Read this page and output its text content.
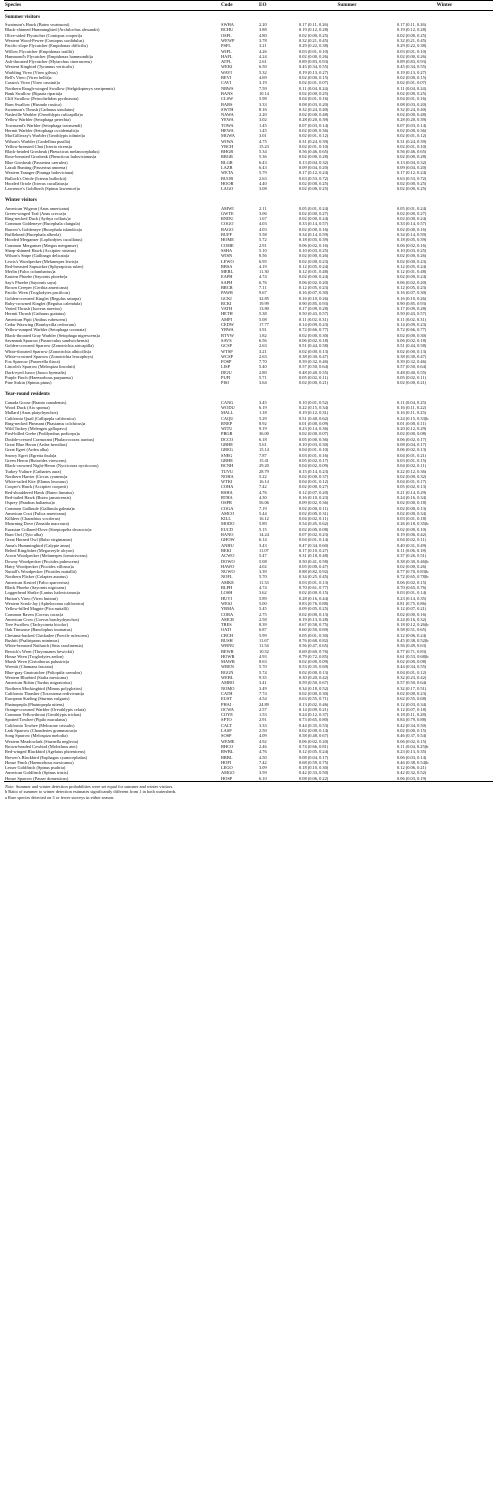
Species	Code	EO	Summer	Winter
Summer visitors				
Swainson's Hawk (Buteo swainsoni)	SWHA	2.20	0.17 (0.11, 0.26)	0.17 (0.11, 0.26)
Black-chinned Hummingbird (Archilochus alexandri)	BCHU	3.88	0.19 (0.12, 0.28)	0.19 (0.12, 0.28)
Olive-sided Flycatcher (Contopus cooperi)a	OSFL	4.80	0.02 (0.00, 0.25)	0.02 (0.00, 0.25)
Western Wood-Pewee (Contopus sordidulus)	WEWP	3.78	0.32 (0.21, 0.45)	0.32 (0.21, 0.45)
Pacific-slope Flycatcher (Empidonax difficilis)	PSFL	3.21	0.29 (0.22, 0.38)	0.29 (0.22, 0.38)
Willow Flycatcher (Empidonax traillii)	WIFL	4.26	0.03 (0.01, 0.10)	0.03 (0.01, 0.10)
Hammond's Flycatcher (Empidonax hammondii)a	HAFL	4.24	0.02 (0.00, 0.26)	0.02 (0.00, 0.26)
Ash-throated Flycatcher (Myiarchus cinerascens)	ATFL	2.61	0.89 (0.83, 0.93)	0.89 (0.83, 0.93)
Western Kingbird (Tyrannus verticalis)	WEKI	6.50	0.45 (0.34, 0.55)	0.45 (0.34, 0.55)
Warbling Vireo (Vireo gilvus)	WAVI	5.32	0.19 (0.13, 0.27)	0.19 (0.13, 0.27)
Bell's Vireo (Vireo bellii)a	BEVI	4.69	0.02 (0.00, 0.15)	0.02 (0.00, 0.15)
Cassin's Vireo (Vireo cassinii)a	CAVI	3.19	0.02 (0.01, 0.07)	0.02 (0.01, 0.07)
Northern Rough-winged Swallow (Stelgidopteryx serripennis)	NRWS	7.59	0.11 (0.04, 0.24)	0.11 (0.04, 0.24)
Bank Swallow (Riparia riparia)a	BANS	10.14	0.02 (0.00, 0.25)	0.02 (0.00, 0.25)
Cliff Swallow (Petrochelidon pyrrhonota)	CLSW	5.98	0.04 (0.01, 0.16)	0.04 (0.01, 0.16)
Barn Swallow (Hirundo rustica)	BARS	3.33	0.08 (0.03, 0.20)	0.08 (0.03, 0.20)
Swainson's Thrush (Catharus ustulatus)	SWTH	8.16	0.32 (0.24, 0.40)	0.32 (0.24, 0.40)
Nashville Warbler (Oreothlypis ruficapilla)a	NAWA	2.20	0.02 (0.00, 0.48)	0.02 (0.00, 0.48)
Yellow Warbler (Setophaga petechia)	YEWA	3.02	0.28 (0.20, 0.39)	0.28 (0.20, 0.39)
Townsend's Warbler (Setophaga townsendi)	TOWA	1.45	0.07 (0.03, 0.14)	0.07 (0.03, 0.14)
Hermit Warbler (Setophaga occidentalis)a	HEWA	1.45	0.02 (0.00, 0.36)	0.02 (0.00, 0.36)
MacGillivray's Warbler (Geothlypis tolmiei)a	MGWA	3.01	0.02 (0.01, 0.12)	0.02 (0.01, 0.12)
Wilson's Warbler (Cardellina pusilla)	WIWA	4.75	0.31 (0.24, 0.39)	0.31 (0.24, 0.39)
Yellow-breasted Chat (Icteria virens)a	YBCH	15.23	0.02 (0.01, 0.10)	0.02 (0.01, 0.10)
Black-headed Grosbeak (Pheucticus melanocephalus)	BHGR	5.34	0.56 (0.46, 0.65)	0.56 (0.46, 0.65)
Rose-breasted Grosbeak (Pheucticus ludovicianus)a	RBGR	5.36	0.02 (0.00, 0.28)	0.02 (0.00, 0.28)
Blue Grosbeak (Passerina caerulea)	BLGR	6.43	0.13 (0.04, 0.32)	0.13 (0.04, 0.32)
Lazuli Bunting (Passerina amoena)	LAZB	6.43	0.09 (0.04, 0.20)	0.09 (0.04, 0.20)
Western Tanager (Piranga ludoviciana)	WETA	5.79	0.17 (0.12, 0.24)	0.17 (0.12, 0.24)
Bullock's Oriole (Icterus bullockii)	BUOR	2.63	0.63 (0.53, 0.72)	0.63 (0.53, 0.72)
Hooded Oriole (Icterus cucullatus)a	HOOR	4.40	0.02 (0.00, 0.25)	0.02 (0.00, 0.25)
Lawrence's Goldfinch (Spinus lawrencei)a	LAGO	3.08	0.02 (0.00, 0.25)	0.02 (0.00, 0.25)

Winter visitors				
American Wigeon (Anas americana)	AMWI	2.11	0.05 (0.01, 0.24)	0.05 (0.01, 0.24)
Green-winged Teal (Anas crecca)a	GWTE	3.06	0.02 (0.00, 0.27)	0.02 (0.00, 0.27)
Ring-necked Duck (Aythya collaris)a	RNDU	1.67	0.02 (0.00, 0.24)	0.02 (0.00, 0.24)
Common Goldeneye (Bucephala clangula)	COGO	4.03	0.33 (0.14, 0.57)	0.33 (0.14, 0.57)
Barrow's Goldeneye (Bucephala islandica)a	BAGO	4.03	0.02 (0.00, 0.16)	0.02 (0.00, 0.16)
Bufflehead (Bucephala albeola)	BUFF	5.58	0.34 (0.14, 0.59)	0.34 (0.14, 0.59)
Hooded Merganser (Lophodytes cucullatus)	HOME	5.72	0.18 (0.05, 0.39)	0.18 (0.05, 0.39)
Common Merganser (Mergus merganser)	COME	2.91	0.06 (0.02, 0.16)	0.06 (0.02, 0.16)
Sharp-shinned Hawk (Accipiter striatus)	SSHA	5.10	0.10 (0.03, 0.25)	0.10 (0.03, 0.25)
Wilson's Snipe (Gallinago delicata)a	WISN	8.56	0.02 (0.00, 0.26)	0.02 (0.00, 0.26)
Lewis's Woodpecker (Melanerpes lewis)a	LEWO	6.95	0.02 (0.00, 0.23)	0.02 (0.00, 0.23)
Red-breasted Sapsucker (Sphyrapicus ruber)	RBSA	4.19	0.12 (0.05, 0.24)	0.12 (0.05, 0.24)
Merlin (Falco columbarius)a	MERL	11.30	0.12 (0.01, 0.48)	0.12 (0.01, 0.48)
Eastern Phoebe (Sayornis phoebe)a	EAPH	4.74	0.02 (0.00, 0.24)	0.02 (0.00, 0.24)
Say's Phoebe (Sayornis saya)	SAPH	6.76	0.06 (0.02, 0.20)	0.06 (0.02, 0.20)
Brown Creeper (Certhia americana)	BRCR	7.11	0.12 (0.05, 0.23)	0.12 (0.05, 0.23)
Pacific Wren (Troglodytes pacificus)	PAWR	9.67	0.16 (0.07, 0.30)	0.16 (0.07, 0.30)
Golden-crowned Kinglet (Regulus satrapa)	GCKI	32.85	0.16 (0.10, 0.26)	0.16 (0.10, 0.26)
Ruby-crowned Kinglet (Regulus calendula)	RCKI	19.99	0.90 (0.85, 0.93)	0.90 (0.85, 0.93)
Varied Thrush (Ixoreus naevius)	VATH	13.80	0.17 (0.09, 0.28)	0.17 (0.09, 0.28)
Hermit Thrush (Catharus guttatus)	HETH	5.38	0.50 (0.43, 0.57)	0.50 (0.43, 0.57)
American Pipit (Anthus rubescens)	AMPI	5.08	0.11 (0.02, 0.31)	0.11 (0.02, 0.31)
Cedar Waxwing (Bombycilla cedrorum)	CEDW	17.77	0.14 (0.09, 0.23)	0.14 (0.09, 0.23)
Yellow-rumped Warbler (Setophaga coronata)	YRWA	3.91	0.72 (0.66, 0.77)	0.72 (0.66, 0.77)
Black-throated Gray Warbler (Setophaga nigrescens)a	BTYW	1.82	0.02 (0.00, 0.30)	0.02 (0.00, 0.30)
Savannah Sparrow (Passerculus sandwichensis)	SAVS	6.56	0.06 (0.02, 0.18)	0.06 (0.02, 0.18)
Golden-crowned Sparrow (Zonotrichia atricapilla)	GCSP	2.63	0.51 (0.44, 0.58)	0.51 (0.44, 0.58)
White-throated Sparrow (Zonotrichia albicollis)a	WTSP	3.21	0.02 (0.00, 0.13)	0.02 (0.00, 0.13)
White-crowned Sparrow (Zonotrichia leucophrys)	WCSP	2.63	0.38 (0.30, 0.47)	0.38 (0.30, 0.47)
Fox Sparrow (Passerella iliaca)	FOSP	7.70	0.39 (0.32, 0.46)	0.39 (0.32, 0.46)
Lincoln's Sparrow (Melospiza lincolnii)	LISP	5.40	0.57 (0.50, 0.64)	0.57 (0.50, 0.64)
Dark-eyed Junco (Junco hyemalis)	DEJU	2.80	0.48 (0.40, 0.55)	0.48 (0.40, 0.55)
Purple Finch (Haemorhous purpureus)	PUFI	5.71	0.05 (0.02, 0.11)	0.05 (0.02, 0.11)
Pine Siskin (Spinus pinus)	PISI	3.64	0.02 (0.00, 0.21)	0.02 (0.00, 0.21)

Year-round residents				
Canada Goose (Branta canadensis)	CANG	3.45	0.10 (0.01, 0.52)	0.11 (0.04, 0.25)
Wood Duck (Aix sponsa)	WODU	6.19	0.22 (0.15, 0.34)	0.16 (0.11, 0.22)
Mallard (Anas platyrhynchos)	MALL	1.18	0.19 (0.12, 0.31)	0.16 (0.11, 0.25)
California Quail (Callipepla californica)	CAQU	5.29	0.51 (0.40, 0.62)	0.24 (0.15, 0.33)b
Ring-necked Pheasant (Phasianus colchicus)a	RNEP	8.92	0.01 (0.00, 0.09)	0.01 (0.00, 0.11)
Wild Turkey (Meleagris gallopavo)	WITU	9.19	0.23 (0.14, 0.36)	0.20 (0.12, 0.29)
Pied-billed Grebe (Podilymbus podiceps)a	PBGR	36.00	0.02 (0.00, 0.07)	0.02 (0.00, 0.08)
Double-crested Cormorant (Phalacrocorax auritus)	DCCO	6.18	0.05 (0.00, 0.36)	0.06 (0.02, 0.17)
Great Blue Heron (Ardea herodias)	GBHE	5.61	0.10 (0.03, 0.30)	0.08 (0.04, 0.17)
Great Egret (Ardea alba)	GREG	15.14	0.04 (0.01, 0.10)	0.06 (0.02, 0.13)
Snowy Egret (Egretta thula)a	SNEG	7.87	0.03 (0.01, 0.16)	0.04 (0.01, 0.21)
Green Heron (Butorides virescens)	GRHE	15.41	0.05 (0.02, 0.17)	0.03 (0.01, 0.15)
Black-crowned Night-Heron (Nycticorax nycticorax)	BCNH	29.20	0.04 (0.02, 0.09)	0.04 (0.02, 0.11)
Turkey Vulture (Cathartes aura)	TUVU	28.79	0.15 (0.14, 0.23)	0.22 (0.12, 0.36)
Northern Harrier (Circus cyaneus)a	NOHA	5.22	0.02 (0.00, 0.37)	0.02 (0.00, 0.32)
White-tailed Kite (Elanus leucurus)	WTKI	16.14	0.04 (0.01, 0.12)	0.04 (0.01, 0.17)
Cooper's Hawk (Accipiter cooperii)	COHA	7.42	0.02 (0.00, 0.27)	0.05 (0.02, 0.13)
Red-shouldered Hawk (Buteo lineatus)	RSHA	4.76	0.12 (0.07, 0.20)	0.21 (0.14, 0.29)
Red-tailed Hawk (Buteo jamaicensis)	RTHA	4.30	0.16 (0.10, 0.23)	0.24 (0.16, 0.34)
Osprey (Pandion haliaetus)a	OSPR	56.06	0.09 (0.02, 0.36)	0.02 (0.00, 0.18)
Common Gallinule (Gallinula galeata)a	COGA	7.19	0.02 (0.00, 0.11)	0.02 (0.00, 0.13)
American Coot (Fulica americana)	AMCO	5.44	0.02 (0.00, 0.31)	0.02 (0.00, 0.34)
Killdeer (Charadrius vociferus)	KILL	16.12	0.04 (0.02, 0.11)	0.03 (0.01, 0.18)
Mourning Dove (Zenaida macroura)	MODO	5.89	0.54 (0.45, 0.62)	0.26 (0.18, 0.35)b
Eurasian Collared-Dove (Streptopelia decaocto)a	EUCD	5.15	0.02 (0.00, 0.08)	0.02 (0.00, 0.10)
Barn Owl (Tyto alba)	BANO	14.24	0.07 (0.02, 0.23)	0.19 (0.06, 0.42)
Great Horned Owl (Bubo virginianus)	GHOW	6.14	0.04 (0.01, 0.14)	0.04 (0.02, 0.11)
Anna's Hummingbird (Calypte anna)	ANHU	3.43	0.47 (0.34, 0.60)	0.40 (0.31, 0.49)
Belted Kingfisher (Megaceryle alcyon)	BEKI	11.07	0.17 (0.10, 0.27)	0.11 (0.06, 0.18)
Acorn Woodpecker (Melanerpes formicivorus)	ACWO	5.47	0.31 (0.18, 0.48)	0.37 (0.26, 0.51)
Downy Woodpecker (Picoides pubescens)	DOWO	5.08	0.50 (0.41, 0.58)	0.38 (0.30, 0.46)b
Hairy Woodpecker (Picoides villosus)a	HAWO	4.02	0.05 (0.00, 0.47)	0.02 (0.00, 0.26)
Nuttall's Woodpecker (Picoides nuttallii)	NUWO	3.39	0.88 (0.82, 0.92)	0.77 (0.70, 0.83)b
Northern Flicker (Colaptes auratus)	NOFL	5.70	0.34 (0.25, 0.45)	0.72 (0.65, 0.78)b
American Kestrel (Falco sparverius)	AMKE	11.33	0.03 (0.01, 0.13)	0.06 (0.02, 0.15)
Black Phoebe (Sayornis nigricans)	BLPH	4.74	0.70 (0.61, 0.77)	0.70 (0.65, 0.76)
Loggerhead Shrike (Lanius ludovicianus)a	LOSH	3.62	0.02 (0.00, 0.15)	0.03 (0.01, 0.14)
Hutton's Vireo (Vireo huttoni)	HUVI	5.89	0.28 (0.16, 0.44)	0.23 (0.14, 0.35)
Western Scrub-Jay (Aphelocoma californica)	WESJ	5.00	0.83 (0.76, 0.88)	0.81 (0.75, 0.86)
Yellow-billed Magpie (Pica nuttalli)	YBMA	5.45	0.09 (0.05, 0.25)	0.12 (0.07, 0.21)
Common Raven (Corvus corax)a	CORA	2.75	0.02 (0.00, 0.13)	0.02 (0.00, 0.16)
American Crow (Corvus brachyrhynchos)	AMCR	2.58	0.19 (0.13, 0.28)	0.24 (0.16, 0.32)
Tree Swallow (Tachycineta bicolor)	TRES	8.39	0.67 (0.58, 0.75)	0.18 (0.12, 0.26)b
Oak Titmouse (Baeolophus inornatus)	OATI	6.87	0.60 (0.50, 0.69)	0.58 (0.51, 0.65)
Chestnut-backed Chickadee (Poecile rufescens)	CBCH	5.99	0.05 (0.01, 0.30)	0.12 (0.06, 0.24)
Bushtit (Psaltriparus minimus)	BUSH	11.67	0.76 (0.68, 0.82)	0.45 (0.38, 0.52)b
White-breasted Nuthatch (Sitta carolinensis)	WBNU	11.54	0.56 (0.47, 0.65)	0.56 (0.49, 0.63)
Bewick's Wren (Thryomanes bewickii)	BEWR	10.52	0.69 (0.60, 0.76)	0.77 (0.71, 0.83)
House Wren (Troglodytes aedon)	HOWR	4.93	0.79 (0.72, 0.85)	0.61 (0.53, 0.68)b
Marsh Wren (Cistothorus palustris)a	MAWR	8.63	0.02 (0.00, 0.09)	0.02 (0.00, 0.08)
Wrentit (Chamaea fasciata)	WREN	5.70	0.53 (0.35, 0.69)	0.44 (0.34, 0.55)
Blue-gray Gnatcatcher (Polioptila caerulea)	BGGN	5.74	0.02 (0.00, 0.13)	0.04 (0.01, 0.12)
Western Bluebird (Sialia mexicana)	WEBL	9.35	0.30 (0.20, 0.42)	0.32 (0.23, 0.42)
American Robin (Turdus migratorius)	AMRO	3.41	0.59 (0.50, 0.67)	0.57 (0.50, 0.64)
Northern Mockingbird (Mimus polyglottos)	NOMO	3.49	0.34 (0.18, 0.52)	0.32 (0.17, 0.51)
California Thrasher (Toxostoma redivivum)a	CATH	7.74	0.02 (0.00, 0.30)	0.02 (0.00, 0.23)
European Starling (Sturnus vulgaris)	EUST	4.54	0.63 (0.55, 0.71)	0.62 (0.55, 0.68)
Phainopepla (Phainopepla nitens)	PHAI	24.89	0.13 (0.02, 0.46)	0.12 (0.03, 0.34)
Orange-crowned Warbler (Oreothlypis celata)	OCWA	2.57	0.14 (0.09, 0.21)	0.12 (0.07, 0.18)
Common Yellowthroat (Geothlypis trichas)	COYE	1.53	0.24 (0.12, 0.37)	0.18 (0.11, 0.28)
Spotted Towhee (Pipilo maculatus)	SPTO	2.91	0.73 (0.65, 0.80)	0.84 (0.79, 0.88)
California Towhee (Melozone crissalis)	CALT	3.33	0.44 (0.35, 0.53)	0.42 (0.34, 0.50)
Lark Sparrow (Chondestes grammacus)a	LASP	2.50	0.02 (0.00, 0.14)	0.02 (0.00, 0.15)
Song Sparrow (Melospiza melodia)	SOSP	4.09	0.58 (0.48, 0.67)	0.46 (0.37, 0.54)
Western Meadowlark (Sturnella neglecta)	WEME	4.92	0.06 (0.02, 0.20)	0.06 (0.02, 0.15)
Brown-headed Cowbird (Molothrus ater)	BHCO	2.46	0.74 (0.66, 0.81)	0.11 (0.04, 0.25)b
Red-winged Blackbird (Agelaius phoeniceus)	RWBL	4.76	0.12 (0.05, 0.24)	0.23 (0.13, 0.35)
Brewer's Blackbird (Euphagus cyanocephalus)	BRBL	4.50	0.08 (0.04, 0.17)	0.06 (0.03, 0.14)
House Finch (Haemorhous mexicanus)	HOFI	7.42	0.68 (0.59, 0.75)	0.46 (0.38, 0.54)b
Lesser Goldfinch (Spinus psaltria)	LEGO	3.09	0.18 (0.10, 0.30)	0.12 (0.06, 0.21)
American Goldfinch (Spinus tristis)	AMGO	3.59	0.42 (0.33, 0.50)	0.42 (0.32, 0.52)
House Sparrow (Passer domesticus)	HOSP	6.10	0.08 (0.06, 0.22)	0.06 (0.03, 0.19)
Note: Summer and winter detection probabilities were set equal for summer and winter visitors.
b Ratio of summer to winter detection estimates significantly different from 1 in both watersheds.
a Rare species detected on 3 or fewer surveys in either season.
